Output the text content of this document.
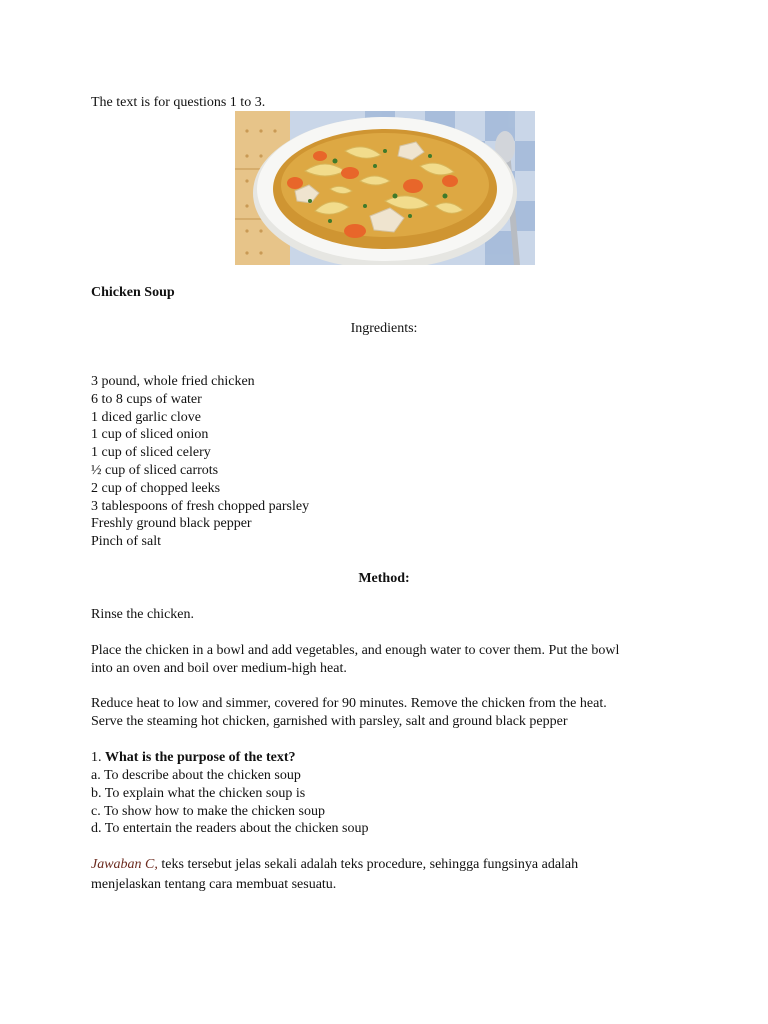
The text is for questions 1 to 3.
Chicken Soup
Ingredients:
3 pound, whole fried chicken
6 to 8 cups of water
1 diced garlic clove
1 cup of sliced onion
1 cup of sliced celery
½ cup of sliced carrots
2 cup of chopped leeks
3 tablespoons of fresh chopped parsley
Freshly ground black pepper
Pinch of salt
Method:
Rinse the chicken.
Place the chicken in a bowl and add vegetables, and enough water to cover them. Put the bowl
into an oven and boil over medium-high heat.
Reduce heat to low and simmer, covered for 90 minutes. Remove the chicken from the heat.
Serve the steaming hot chicken, garnished with parsley, salt and ground black pepper
1. What is the purpose of the text?
a. To describe about the chicken soup
b. To explain what the chicken soup is
c. To show how to make the chicken soup
d. To entertain the readers about the chicken soup
Jawaban C, teks tersebut jelas sekali adalah teks procedure, sehingga fungsinya adalah
menjelaskan tentang cara membuat sesuatu.
